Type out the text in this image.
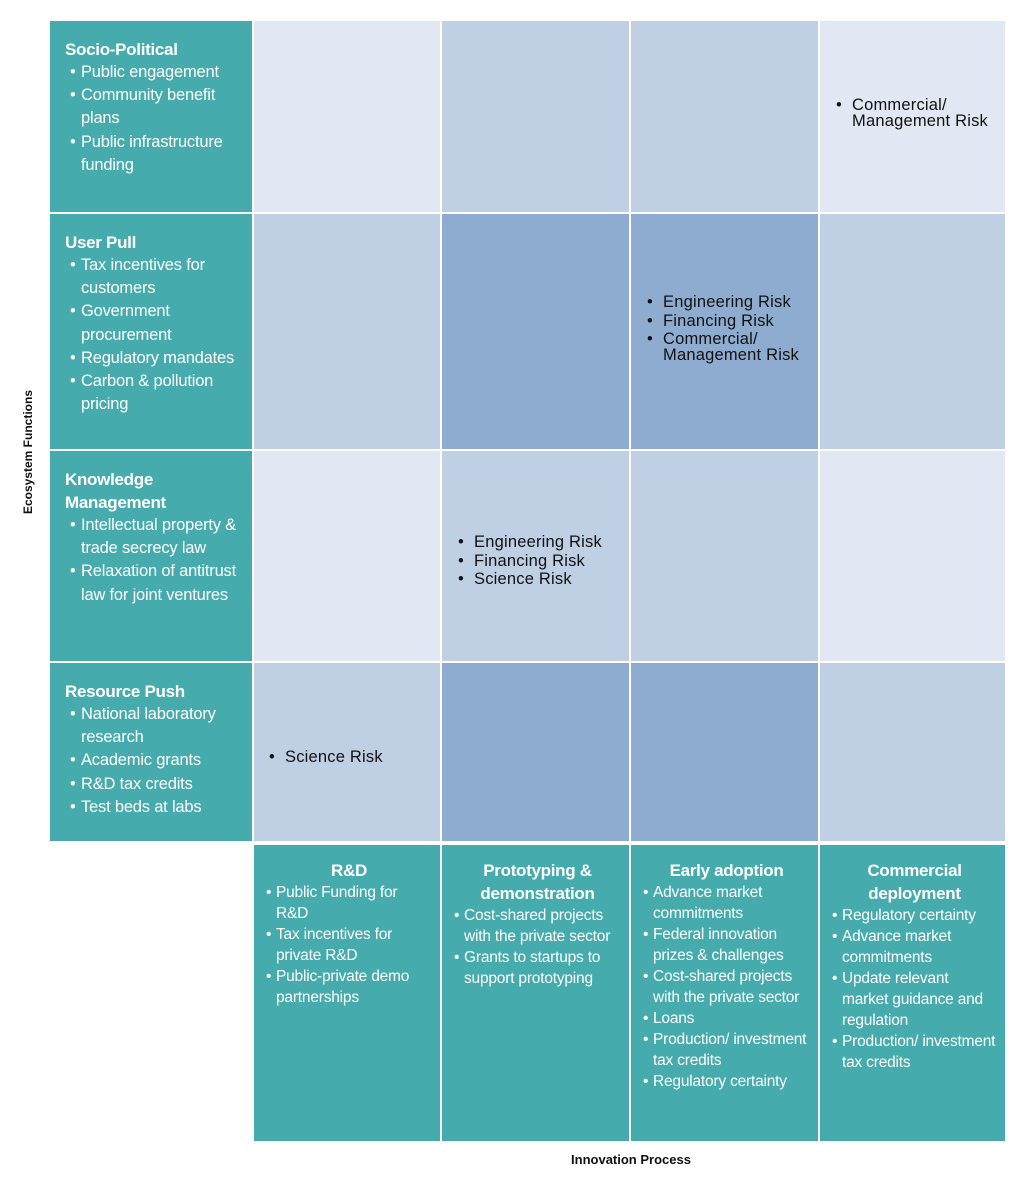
Ecosystem Functions
Innovation Process
Socio-Political
• Public engagement
• Community benefit plans
• Public infrastructure funding
• Commercial/ Management Risk
User Pull
• Tax incentives for customers
• Government procurement
• Regulatory mandates
• Carbon & pollution pricing
• Engineering Risk
• Financing Risk
• Commercial/ Management Risk
Knowledge Management
• Intellectual property & trade secrecy law
• Relaxation of antitrust law for joint ventures
• Engineering Risk
• Financing Risk
• Science Risk
Resource Push
• National laboratory research
• Academic grants
• R&D tax credits
• Test beds at labs
• Science Risk
R&D
• Public Funding for R&D
• Tax incentives for private R&D
• Public-private demo partnerships
Prototyping & demonstration
• Cost-shared projects with the private sector
• Grants to startups to support prototyping
Early adoption
• Advance market commitments
• Federal innovation prizes & challenges
• Cost-shared projects with the private sector
• Loans
• Production/ investment tax credits
• Regulatory certainty
Commercial deployment
• Regulatory certainty
• Advance market commitments
• Update relevant market guidance and regulation
• Production/ investment tax credits
